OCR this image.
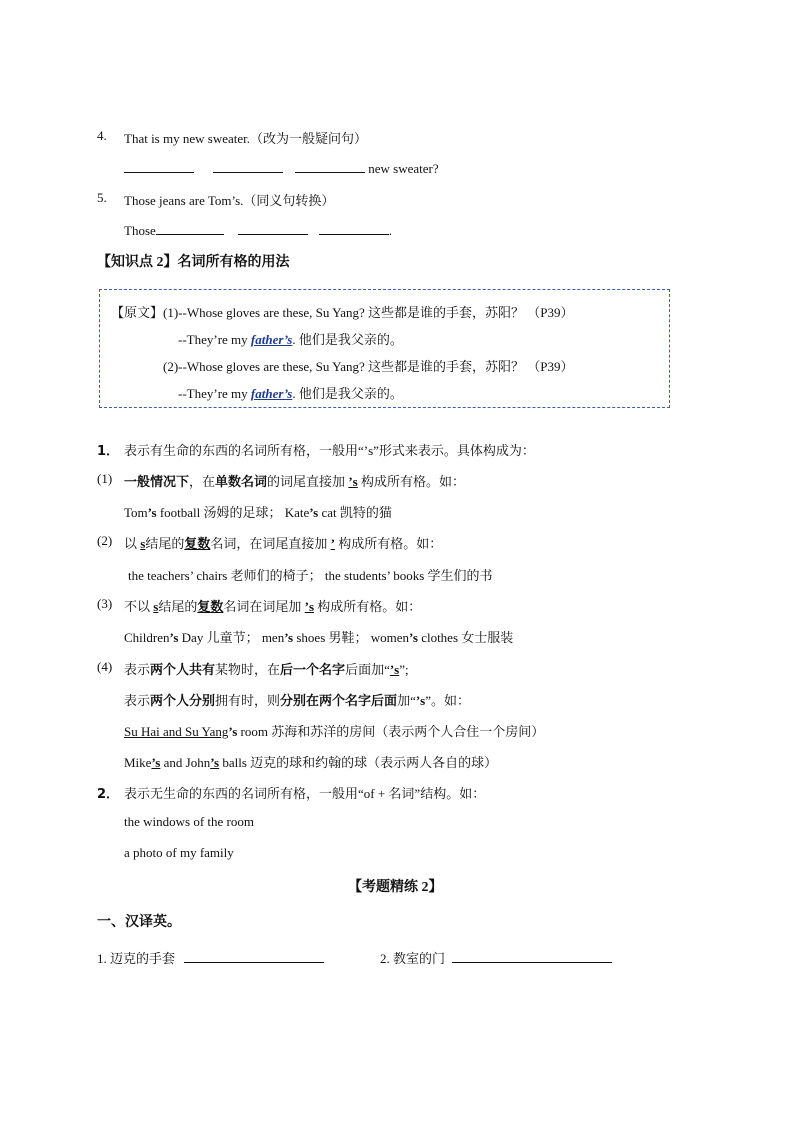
4. That is my new sweater.（改为一般疑问句）
new sweater?
5. Those jeans are Tom’s.（同义句转换）
Those	.
【知识点 2】名词所有格的用法
【原文】 (1)--Whose gloves are these, Su Yang? 这些都是谁的手套，苏阳？ （P39）
--They’re my father’s. 他们是我父亲的。
(2)--Whose gloves are these, Su Yang? 这些都是谁的手套，苏阳？ （P39）
--They’re my father’s. 他们是我父亲的。
1． 表示有生命的东西的名词所有格，一般用“’s”形式来表示。具体构成为：
(1) 一般情况下，在单数名词的词尾直接加 ’s 构成所有格。如：
Tom’s football 汤姆的足球； Kate’s cat 凯特的猫
(2) 以 s结尾的复数名词，在词尾直接加 ’ 构成所有格。如：
the teachers’ chairs 老师们的椅子； the students’ books 学生们的书
(3) 不以 s结尾的复数名词在词尾加 ’s 构成所有格。如：
Children’s Day 儿童节； men’s shoes 男鞋； women’s clothes 女士服装
(4) 表示两个人共有某物时，在后一个名字后面加“’s”;
表示两个人分别拥有时，则分别在两个名字后面加“’s”。如：
Su Hai and Su Yang’s room 苏海和苏洋的房间（表示两个人合住一个房间）
Mike’s and John’s balls 迈克的球和约翰的球（表示两人各自的球）
2． 表示无生命的东西的名词所有格，一般用“of + 名词”结构。如：
the windows of the room
a photo of my family
【考题精练 2】
一、汉译英。
1. 迈克的手套	2. 教室的门
